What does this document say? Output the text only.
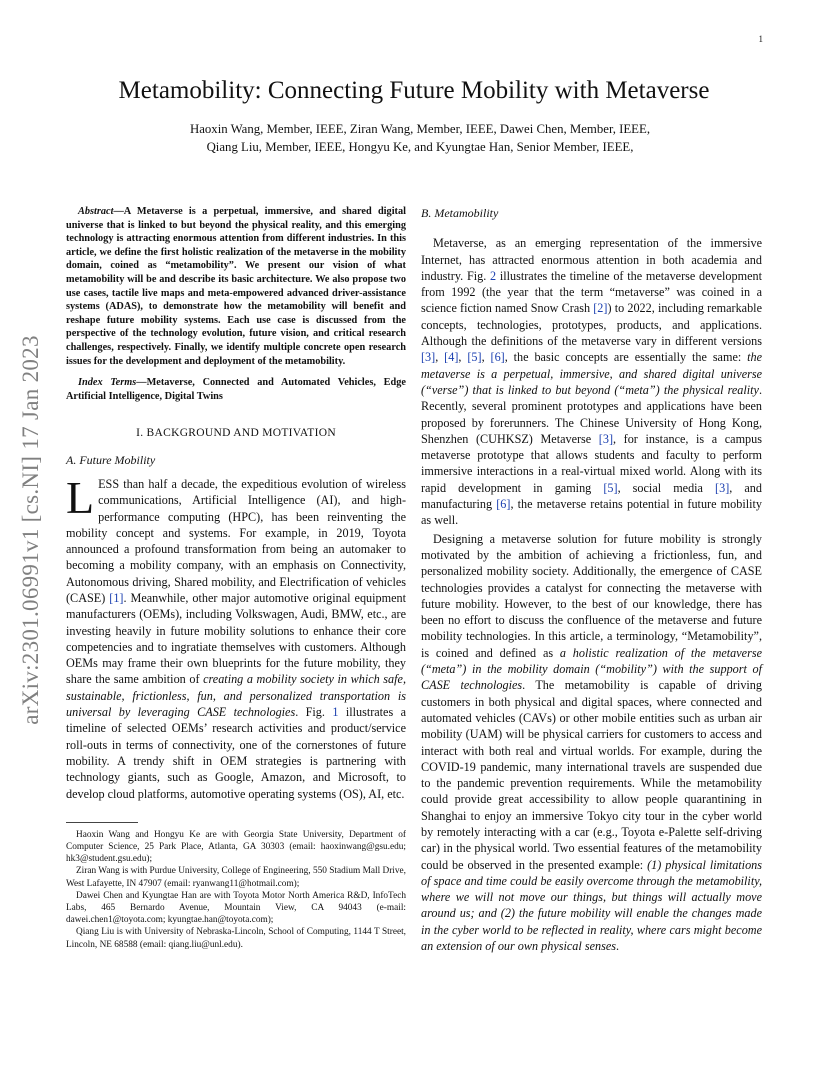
1
arXiv:2301.06991v1 [cs.NI] 17 Jan 2023
Metamobility: Connecting Future Mobility with Metaverse
Haoxin Wang, Member, IEEE, Ziran Wang, Member, IEEE, Dawei Chen, Member, IEEE,
Qiang Liu, Member, IEEE, Hongyu Ke, and Kyungtae Han, Senior Member, IEEE,

Abstract—A Metaverse is a perpetual, immersive, and shared digital universe that is linked to but beyond the physical reality, and this emerging technology is attracting enormous attention from different industries. In this article, we define the first holistic realization of the metaverse in the mobility domain, coined as “metamobility”. We present our vision of what metamobility will be and describe its basic architecture. We also propose two use cases, tactile live maps and meta-empowered advanced driver-assistance systems (ADAS), to demonstrate how the metamobility will benefit and reshape future mobility systems. Each use case is discussed from the perspective of the technology evolution, future vision, and critical research challenges, respectively. Finally, we identify multiple concrete open research issues for the development and deployment of the metamobility.

Index Terms—Metaverse, Connected and Automated Vehicles, Edge Artificial Intelligence, Digital Twins

I. BACKGROUND AND MOTIVATION

A. Future Mobility

LESS than half a decade, the expeditious evolution of wireless communications, Artificial Intelligence (AI), and high-performance computing (HPC), has been reinventing the mobility concept and systems. For example, in 2019, Toyota announced a profound transformation from being an automaker to becoming a mobility company, with an emphasis on Connectivity, Autonomous driving, Shared mobility, and Electrification of vehicles (CASE) [1]. Meanwhile, other major automotive original equipment manufacturers (OEMs), including Volkswagen, Audi, BMW, etc., are investing heavily in future mobility solutions to enhance their core competencies and to ingratiate themselves with customers. Although OEMs may frame their own blueprints for the future mobility, they share the same ambition of creating a mobility society in which safe, sustainable, frictionless, fun, and personalized transportation is universal by leveraging CASE technologies. Fig. 1 illustrates a timeline of selected OEMs’ research activities and product/service roll-outs in terms of connectivity, one of the cornerstones of future mobility. A trendy shift in OEM strategies is partnering with technology giants, such as Google, Amazon, and Microsoft, to develop cloud platforms, automotive operating systems (OS), AI, etc.

Haoxin Wang and Hongyu Ke are with Georgia State University, Department of Computer Science, 25 Park Place, Atlanta, GA 30303 (email: haoxinwang@gsu.edu; hk3@student.gsu.edu);

Ziran Wang is with Purdue University, College of Engineering, 550 Stadium Mall Drive, West Lafayette, IN 47907 (email: ryanwang11@hotmail.com);

Dawei Chen and Kyungtae Han are with Toyota Motor North America R&D, InfoTech Labs, 465 Bernardo Avenue, Mountain View, CA 94043 (e-mail: dawei.chen1@toyota.com; kyungtae.han@toyota.com);

Qiang Liu is with University of Nebraska-Lincoln, School of Computing, 1144 T Street, Lincoln, NE 68588 (email: qiang.liu@unl.edu).

B. Metamobility

Metaverse, as an emerging representation of the immersive Internet, has attracted enormous attention in both academia and industry. Fig. 2 illustrates the timeline of the metaverse development from 1992 (the year that the term “metaverse” was coined in a science fiction named Snow Crash [2]) to 2022, including remarkable concepts, technologies, prototypes, products, and applications. Although the definitions of the metaverse vary in different versions [3], [4], [5], [6], the basic concepts are essentially the same: the metaverse is a perpetual, immersive, and shared digital universe (“verse”) that is linked to but beyond (“meta”) the physical reality. Recently, several prominent prototypes and applications have been proposed by forerunners. The Chinese University of Hong Kong, Shenzhen (CUHKSZ) Metaverse [3], for instance, is a campus metaverse prototype that allows students and faculty to perform immersive interactions in a real-virtual mixed world. Along with its rapid development in gaming [5], social media [3], and manufacturing [6], the metaverse retains potential in future mobility as well.

Designing a metaverse solution for future mobility is strongly motivated by the ambition of achieving a frictionless, fun, and personalized mobility society. Additionally, the emergence of CASE technologies provides a catalyst for connecting the metaverse with future mobility. However, to the best of our knowledge, there has been no effort to discuss the confluence of the metaverse and future mobility technologies. In this article, a terminology, “Metamobility”, is coined and defined as a holistic realization of the metaverse (“meta”) in the mobility domain (“mobility”) with the support of CASE technologies. The metamobility is capable of driving customers in both physical and digital spaces, where connected and automated vehicles (CAVs) or other mobile entities such as urban air mobility (UAM) will be physical carriers for customers to access and interact with both real and virtual worlds. For example, during the COVID-19 pandemic, many international travels are suspended due to the pandemic prevention requirements. While the metamobility could provide great accessibility to allow people quarantining in Shanghai to enjoy an immersive Tokyo city tour in the cyber world by remotely interacting with a car (e.g., Toyota e-Palette self-driving car) in the physical world. Two essential features of the metamobility could be observed in the presented example: (1) physical limitations of space and time could be easily overcome through the metamobility, where we will not move our things, but things will actually move around us; and (2) the future mobility will enable the changes made in the cyber world to be reflected in reality, where cars might become an extension of our own physical senses.
